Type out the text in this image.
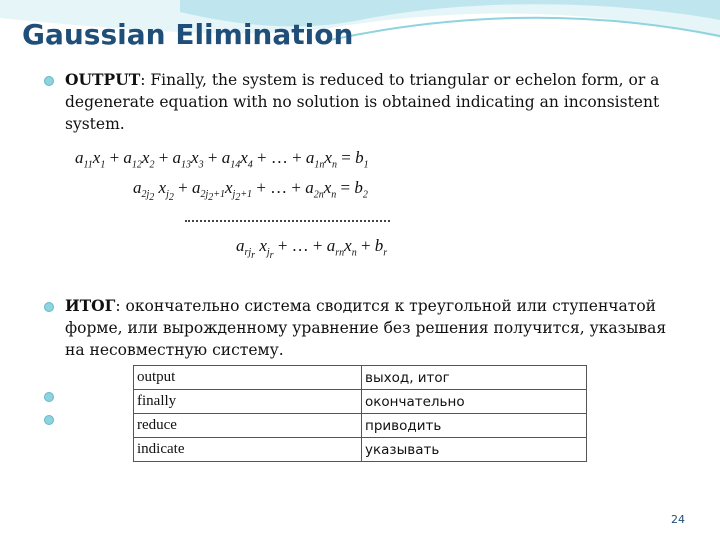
Gaussian Elimination
OUTPUT: Finally, the system is reduced to triangular or echelon form, or a degenerate equation with no solution is obtained indicating an inconsistent system.
$a_{11}x_1 + a_{12}x_2 + a_{13}x_3 + a_{14}x_4$ + … + $a_{1n}x_n = b_1$
$a_{2j_2}$ $x_{j_2} + a_{2j_2+1}x_{j_2+1}$ + … + $a_{2n}x_n = b_2$
$a_{rj_r}$ $x_{j_r}$ + … + $a_{rn}x_n + b_r$
ИТОГ: окончательно система сводится к треугольной или ступенчатой форме, или вырожденному уравнение без решения получится, указывая на несовместную систему.
output	выход, итог
finally	окончательно
reduce	приводить
indicate	указывать
24
